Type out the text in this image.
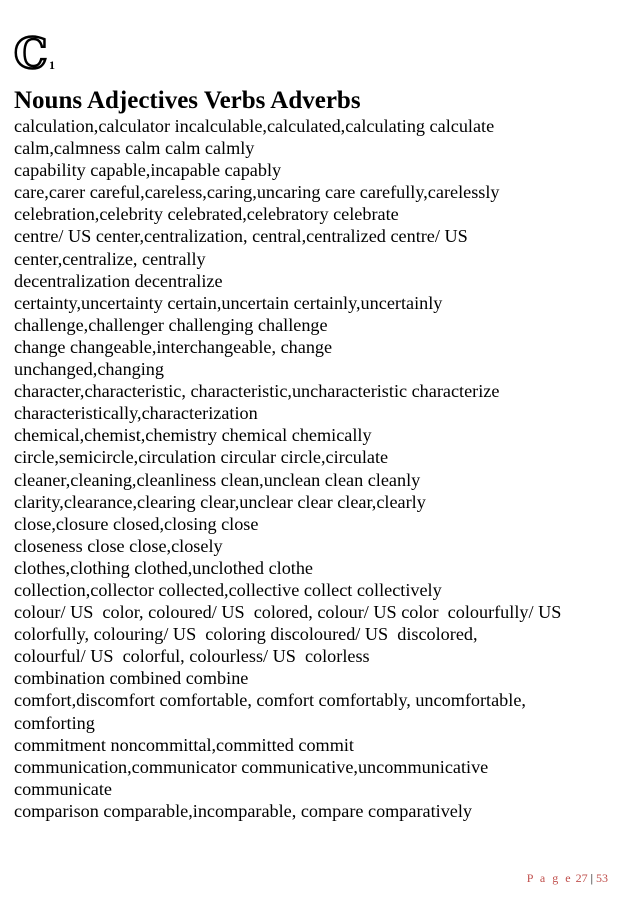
C 1
Nouns Adjectives Verbs Adverbs
calculation,calculator incalculable,calculated,calculating calculate
calm,calmness calm calm calmly
capability capable,incapable capably
care,carer careful,careless,caring,uncaring care carefully,carelessly
celebration,celebrity celebrated,celebratory celebrate
centre/ US center,centralization, central,centralized centre/ US
center,centralize, centrally
decentralization decentralize
certainty,uncertainty certain,uncertain certainly,uncertainly
challenge,challenger challenging challenge
change changeable,interchangeable, change
unchanged,changing
character,characteristic, characteristic,uncharacteristic characterize
characteristically,characterization
chemical,chemist,chemistry chemical chemically
circle,semicircle,circulation circular circle,circulate
cleaner,cleaning,cleanliness clean,unclean clean cleanly
clarity,clearance,clearing clear,unclear clear clear,clearly
close,closure closed,closing close
closeness close close,closely
clothes,clothing clothed,unclothed clothe
collection,collector collected,collective collect collectively
colour/ US  color, coloured/ US  colored, colour/ US color  colourfully/ US
colorfully, colouring/ US  coloring discoloured/ US  discolored,
colourful/ US  colorful, colourless/ US  colorless
combination combined combine
comfort,discomfort comfortable, comfort comfortably, uncomfortable,
comforting
commitment noncommittal,committed commit
communication,communicator communicative,uncommunicative
communicate
comparison comparable,incomparable, compare comparatively
P a g e 27 | 53
